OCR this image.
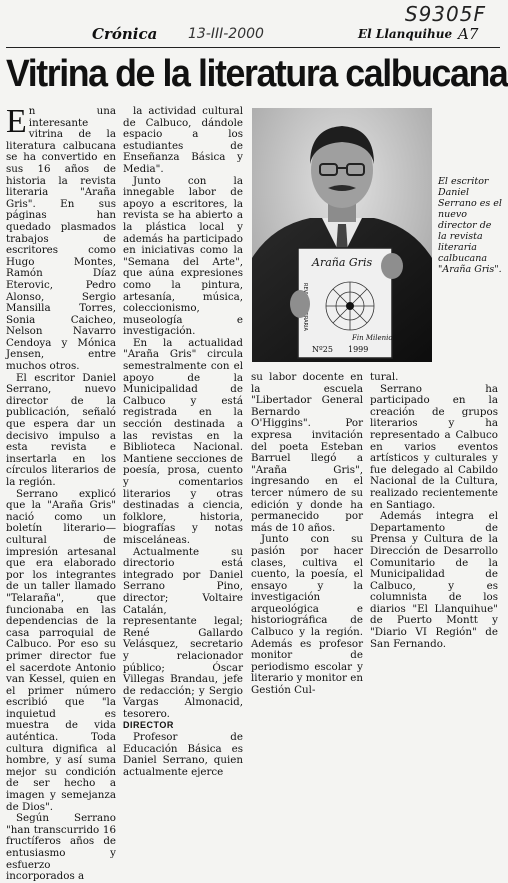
S9305F
Crónica 13-III-2000	El Llanquihue A7
Vitrina de la literatura calbucana

En una interesante vitrina de la literatura calbucana se ha convertido en sus 16 años de historia la revista literaria "Araña Gris". En sus páginas han quedado plasmados trabajos de escritores como Hugo Montes, Ramón Díaz Eterovic, Pedro Alonso, Sergio Mansilla Torres, Sonia Caicheo, Nelson Navarro Cendoya y Mónica Jensen, entre muchos otros.

El escritor Daniel Serrano, nuevo director de la publicación, señaló que espera dar un decisivo impulso a esta revista e insertarla en los círculos literarios de la región.

Serrano explicó que la "Araña Gris" nació como un boletín literario—cultural de impresión artesanal que era elaborado por los integrantes de un taller llamado "Telaraña", que funcionaba en las dependencias de la casa parroquial de Calbuco. Por eso su primer director fue el sacerdote Antonio van Kessel, quien en el primer número escribió que "la inquietud es muestra de vida auténtica. Toda cultura dignifica al hombre, y así suma mejor su condición de ser hecho a imagen y semejanza de Dios".

Según Serrano "han transcurrido 16 fructíferos años de entusiasmo y esfuerzo incorporados a

la actividad cultural de Calbuco, dándole espacio a los estudiantes de Enseñanza Básica y Media".

Junto con la innegable labor de apoyo a escritores, la revista se ha abierto a la plástica local y además ha participado en iniciativas como la "Semana del Arte", que aúna expresiones como la pintura, artesanía, música, coleccionismo, museología e investigación.

En la actualidad "Araña Gris" circula semestralmente con el apoyo de la Municipalidad de Calbuco y está registrada en la sección destinada a las revistas en la Biblioteca Nacional. Mantiene secciones de poesía, prosa, cuento y comentarios literarios y otras destinadas a ciencia, folklore, historia, biografías y notas misceláneas.

Actualmente su directorio está integrado por Daniel Serrano Pino, director; Voltaire Catalán, representante legal; René Gallardo Velásquez, secretario y relacionador público; Óscar Villegas Brandau, jefe de redacción; y Sergio Vargas Almonacid, tesorero.

DIRECTOR

Profesor de Educación Básica es Daniel Serrano, quien actualmente ejerce

Araña Gris
Fin Milenio
Nº25 1999
El escritor Daniel Serrano es el nuevo director de la revista literaria calbucana "Araña Gris".

su labor docente en la escuela "Libertador General Bernardo O'Higgins". Por expresa invitación del poeta Esteban Barruel llegó a "Araña Gris", ingresando en el tercer número de su edición y donde ha permanecido por más de 10 años.

Junto con su pasión por hacer clases, cultiva el cuento, la poesía, el ensayo y la investigación arqueológica e historiográfica de Calbuco y la región. Además es profesor monitor de periodismo escolar y literario y monitor en Gestión Cul-

tural.

Serrano ha participado en la creación de grupos literarios y ha representado a Calbuco en varios eventos artísticos y culturales y fue delegado al Cabildo Nacional de la Cultura, realizado recientemente en Santiago.

Además integra el Departamento de Prensa y Cultura de la Dirección de Desarrollo Comunitario de la Municipalidad de Calbuco, y es columnista de los diarios "El Llanquihue" de Puerto Montt y "Diario VI Región" de San Fernando.
